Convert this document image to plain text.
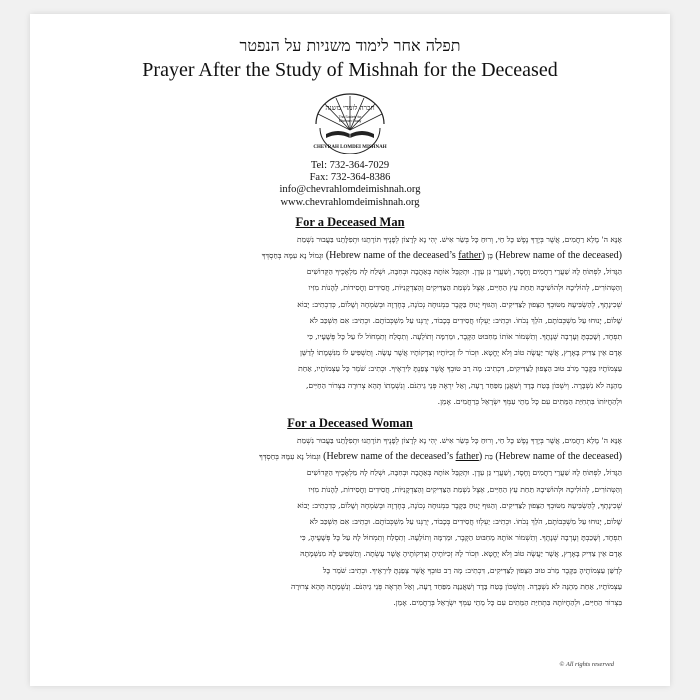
תפלה אחר לימוד משניות על הנפטר
Prayer After the Study of Mishnah for the Deceased
חברה לומדי משנה
The Society for
Mishnah Study
CHEVRAH LOMDEI MISHNAH
Tel: 732-364-7029
Fax: 732-364-8386
info@chevrahlomdeimishnah.org
www.chevrahlomdeimishnah.org
For a Deceased Man
אָנָּא ה' מָלֵא רַחֲמִים, אֲשֶׁר בְּיָדְךָ נֶפֶשׁ כָּל חַי, וְרוּחַ כָּל בְּשַׂר אִישׁ. יְהִי נָא לְרָצוֹן לְפָנֶיךָ תּוֹרָתֵנוּ וּתְפִלָּתֵנוּ בַּעֲבוּר נִשְׁמַת
(Hebrew name of the deceased) בֶּן (Hebrew name of the deceased’s father) וּגְמוֹל נָא עִמָּהּ בְּחַסְדְּךָ
הַגָּדוֹל, לִפְתּוֹחַ לָהּ שַׁעֲרֵי רַחֲמִים וָחֶסֶד, וְשַׁעֲרֵי גַּן עֵדֶן. וּתְקַבֵּל אוֹתָהּ בְּאַהֲבָה וּבְחִבָּה, וּשְׁלַח לָהּ מַלְאָכֶיךָ הַקְּדוֹשִׁים
וְהַטְּהוֹרִים, לְהוֹלִיכָהּ וּלְהוֹשִׁיבָהּ תַּחַת עֵץ הַחַיִּים, אֵצֶל נִשְׁמַת הַצַּדִּיקִים וְהַצִּדְקָנִיּוֹת, חֲסִידִים וַחֲסִידוֹת, לֵהָנוֹת מִזִּיו
שְׁכִינָתְךָ, לְהַשְׂבִּיעָהּ מִטּוּבְךָ הַצָּפוּן לַצַּדִּיקִים. וְהַגּוּף יָנוּחַ בַּקֶּבֶר בִּמְנוּחָה נְכוֹנָה, בְּחֶדְוָה וּבְשִׂמְחָה וְשָׁלוֹם, כְּדִכְתִיב: יָבוֹא
שָׁלוֹם, יָנוּחוּ עַל מִשְׁכְּבוֹתָם, הֹלֵךְ נְכֹחוֹ. וּכְתִיב: יַעְלְזוּ חֲסִידִים בְּכָבוֹד, יְרַנְּנוּ עַל מִשְׁכְּבוֹתָם. וּכְתִיב: אִם תִּשְׁכַּב לֹא
תִפְחָד, וְשָׁכַבְתָּ וְעָרְבָה שְׁנָתֶךָ. וְתִשְׁמוֹר אוֹתוֹ מֵחִבּוּט הַקֶּבֶר, וּמֵרִמָּה וְתוֹלֵעָה. וְתִסְלַח וְתִמְחוֹל לוֹ עַל כָּל פְּשָׁעָיו, כִּי
אָדָם אֵין צַדִּיק בָּאָרֶץ, אֲשֶׁר יַעֲשֶׂה טוֹב וְלֹא יֶחֱטָא. וּזְכוֹר לוֹ זְכִיּוֹתָיו וְצִדְקוֹתָיו אֲשֶׁר עָשָׂה. וְתַשְׁפִּיעַ לוֹ מִנִּשְׁמָתוֹ לְדַשֵּׁן
עַצְמוֹתָיו בַּקֶּבֶר מֵרֹב טוּב הַצָּפוּן לַצַּדִּיקִים, דִּכְתִיב: מָה רַב טוּבְךָ אֲשֶׁר צָפַנְתָּ לִּירֵאֶיךָ. וּכְתִיב: שֹׁמֵר כָּל עַצְמוֹתָיו, אַחַת
מֵהֵנָּה לֹא נִשְׁבָּרָה. וְיִשְׁכּוֹן בֶּטַח בָּדָד וְשַׁאֲנָן מִפַּחַד רָעָה, וְאַל יִרְאֶה פְּנֵי גֵיהִנֹּם. וְנִשְׁמָתוֹ תְּהֵא צְרוּרָה בִּצְרוֹר הַחַיִּים,
וּלְהַחֲיוֹתוֹ בִּתְחִיַּת הַמֵּתִים עִם כָּל מֵתֵי עַמְּךָ יִשְׂרָאֵל בְּרַחֲמִים. אָמֵן.
For a Deceased Woman
אָנָּא ה' מָלֵא רַחֲמִים, אֲשֶׁר בְּיָדְךָ נֶפֶשׁ כָּל חַי, וְרוּחַ כָּל בְּשַׂר אִישׁ. יְהִי נָא לְרָצוֹן לְפָנֶיךָ תּוֹרָתֵנוּ וּתְפִלָּתֵנוּ בַּעֲבוּר נִשְׁמַת
(Hebrew name of the deceased) בַּת (Hebrew name of the deceased’s father) וּגְמוֹל נָא עִמָּהּ בְּחַסְדְּךָ
הַגָּדוֹל, לִפְתּוֹחַ לָהּ שַׁעֲרֵי רַחֲמִים וָחֶסֶד, וְשַׁעֲרֵי גַּן עֵדֶן. וּתְקַבֵּל אוֹתָהּ בְּאַהֲבָה וּבְחִבָּה, וּשְׁלַח לָהּ מַלְאָכֶיךָ הַקְּדוֹשִׁים
וְהַטְּהוֹרִים, לְהוֹלִיכָהּ וּלְהוֹשִׁיבָהּ תַּחַת עֵץ הַחַיִּים, אֵצֶל נִשְׁמַת הַצַּדִּיקִים וְהַצִּדְקָנִיּוֹת, חֲסִידִים וַחֲסִידוֹת, לֵהָנוֹת מִזִּיו
שְׁכִינָתְךָ, לְהַשְׂבִּיעָהּ מִטּוּבְךָ הַצָּפוּן לַצַּדִּיקִים. וְהַגּוּף יָנוּחַ בַּקֶּבֶר בִּמְנוּחָה נְכוֹנָה, בְּחֶדְוָה וּבְשִׂמְחָה וְשָׁלוֹם, כְּדִכְתִיב: יָבוֹא
שָׁלוֹם, יָנוּחוּ עַל מִשְׁכְּבוֹתָם, הֹלֵךְ נְכֹחוֹ. וּכְתִיב: יַעְלְזוּ חֲסִידִים בְּכָבוֹד, יְרַנְּנוּ עַל מִשְׁכְּבוֹתָם. וּכְתִיב: אִם תִּשְׁכַּב לֹא
תִפְחָד, וְשָׁכַבְתָּ וְעָרְבָה שְׁנָתֶךָ. וְתִשְׁמוֹר אוֹתָהּ מֵחִבּוּט הַקֶּבֶר, וּמֵרִמָּה וְתוֹלֵעָה. וְתִסְלַח וְתִמְחוֹל לָהּ עַל כָּל פְּשָׁעֶיהָ, כִּי
אָדָם אֵין צַדִּיק בָּאָרֶץ, אֲשֶׁר יַעֲשֶׂה טוֹב וְלֹא יֶחֱטָא. וּזְכוֹר לָהּ זְכִיּוֹתֶיהָ וְצִדְקוֹתֶיהָ אֲשֶׁר עָשְׂתָה. וְתַשְׁפִּיעַ לָהּ מִנִּשְׁמָתָהּ
לְדַשֵּׁן עַצְמוֹתֶיהָ בַּקֶּבֶר מֵרֹב טוּב הַצָּפוּן לַצַּדִּיקִים, דִּכְתִיב: מָה רַב טוּבְךָ אֲשֶׁר צָפַנְתָּ לִּירֵאֶיךָ. וּכְתִיב: שֹׁמֵר כָּל
עַצְמוֹתָיו, אַחַת מֵהֵנָּה לֹא נִשְׁבָּרָה. וְתִשְׁכּוֹן בֶּטַח בָּדָד וְשַׁאֲנַנָּה מִפַּחַד רָעָה, וְאַל תִּרְאֶה פְּנֵי גֵיהִנֹּם. וְנִשְׁמָתָהּ תְּהֵא צְרוּרָה
בִּצְרוֹר הַחַיִּים, וּלְהַחֲיוֹתָהּ בִּתְחִיַּת הַמֵּתִים עִם כָּל מֵתֵי עַמְּךָ יִשְׂרָאֵל בְּרַחֲמִים. אָמֵן.
© All rights reserved
